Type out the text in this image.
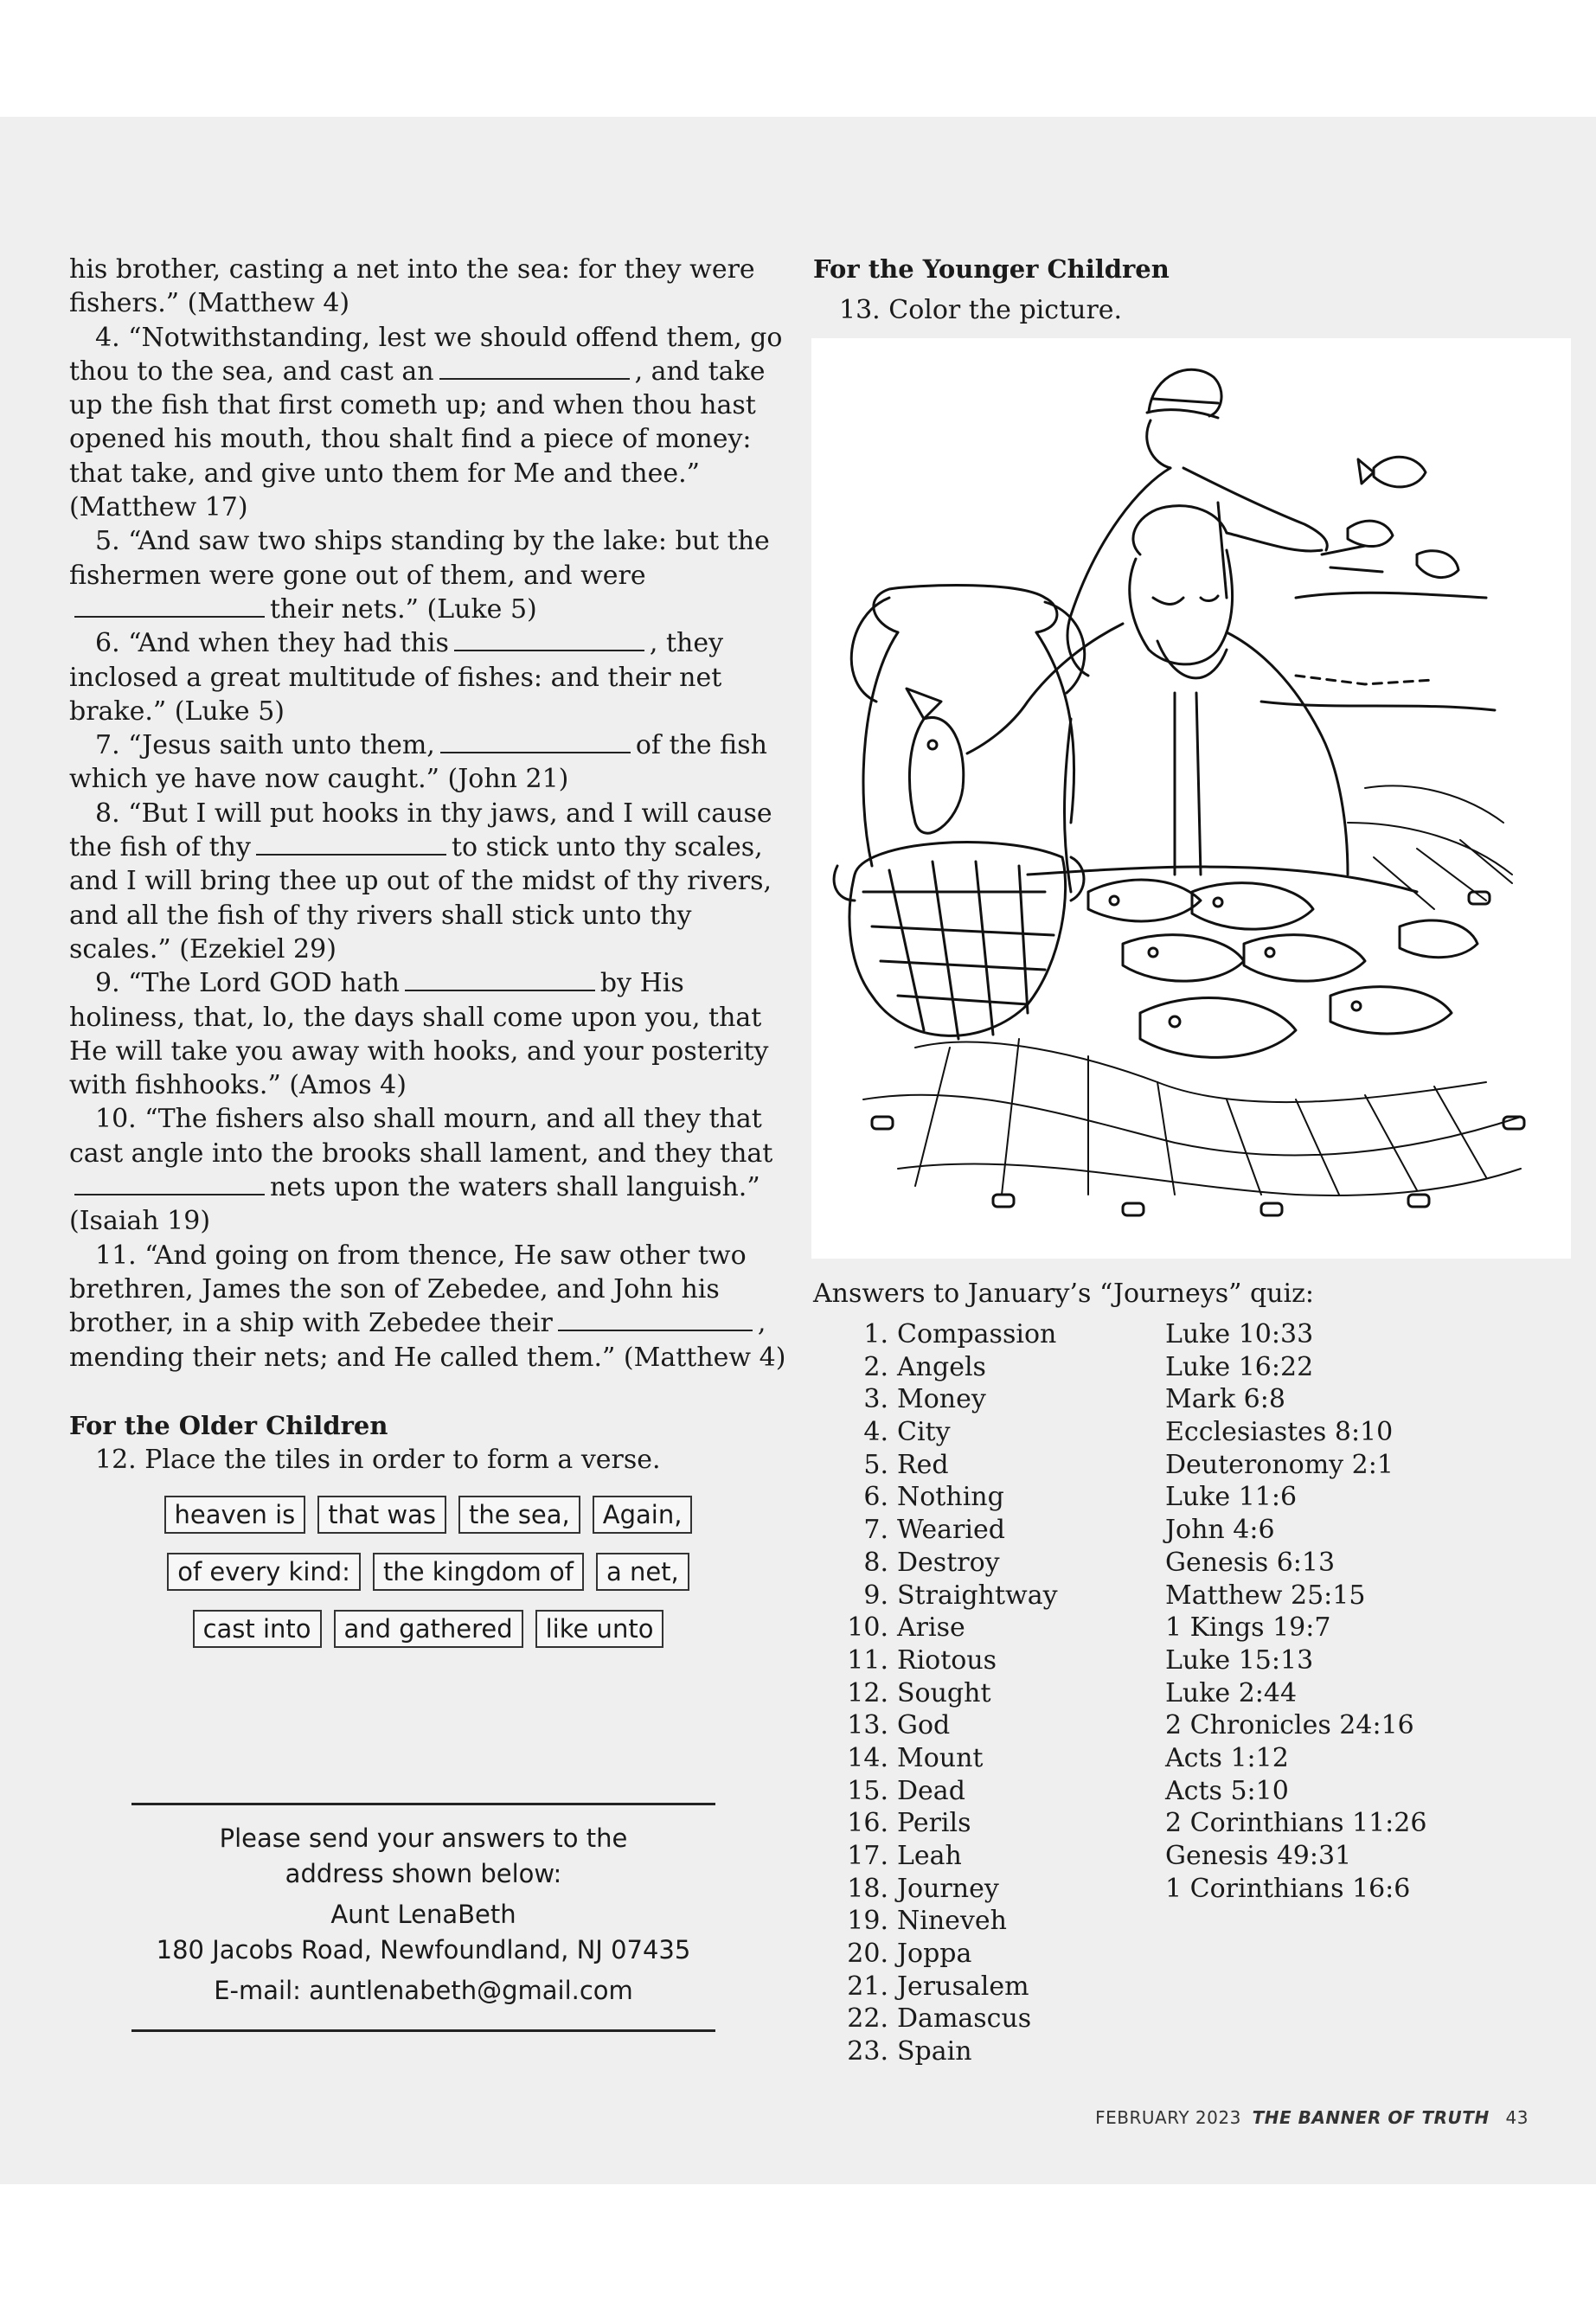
his brother, casting a net into the sea: for they were fishers.” (Matthew 4)

4. “Notwithstanding, lest we should offend them, go thou to the sea, and cast an	, and take up the fish that first cometh up; and when thou hast opened his mouth, thou shalt find a piece of money: that take, and give unto them for Me and thee.” (Matthew 17)

5. “And saw two ships standing by the lake: but the fishermen were gone out of them, and were their nets.” (Luke 5)

6. “And when they had this	, they inclosed a great multitude of fishes: and their net brake.” (Luke 5)

7. “Jesus saith unto them,	of the fish which ye have now caught.” (John 21)

8. “But I will put hooks in thy jaws, and I will cause the fish of thy	to stick unto thy scales, and I will bring thee up out of the midst of thy rivers, and all the fish of thy rivers shall stick unto thy scales.” (Ezekiel 29)

9. “The Lord GOD hath	by His holiness, that, lo, the days shall come upon you, that He will take you away with hooks, and your posterity with fishhooks.” (Amos 4)

10. “The fishers also shall mourn, and all they that cast angle into the brooks shall lament, and they thatnets upon the waters shall languish.” (Isaiah 19)

11. “And going on from thence, He saw other two brethren, James the son of Zebedee, and John his brother, in a ship with Zebedee their	, mending their nets; and He called them.” (Matthew 4)

For the Older Children

12. Place the tiles in order to form a verse.

heaven is that was the sea, Again,
of every kind: the kingdom of a net,
cast into and gathered like unto

Please send your answers to the

address shown below:

Aunt LenaBeth

180 Jacobs Road, Newfoundland, NJ 07435

E-mail: auntlenabeth@gmail.com

For the Younger Children

13. Color the picture.

Answers to January’s “Journeys” quiz:
1. Compassion	Luke 10:33
2. Angels	Luke 16:22
3. Money	Mark 6:8
4. City	Ecclesiastes 8:10
5. Red	Deuteronomy 2:1
6. Nothing	Luke 11:6
7. Wearied	John 4:6
8. Destroy	Genesis 6:13
9. Straightway	Matthew 25:15
10. Arise	1 Kings 19:7
11. Riotous	Luke 15:13
12. Sought	Luke 2:44
13. God	2 Chronicles 24:16
14. Mount	Acts 1:12
15. Dead	Acts 5:10
16. Perils	2 Corinthians 11:26
17. Leah	Genesis 49:31
18. Journey	1 Corinthians 16:6
19. Nineveh
20. Joppa
21. Jerusalem
22. Damascus
23. Spain
FEBRUARY 2023 THE BANNER OF TRUTH 43
